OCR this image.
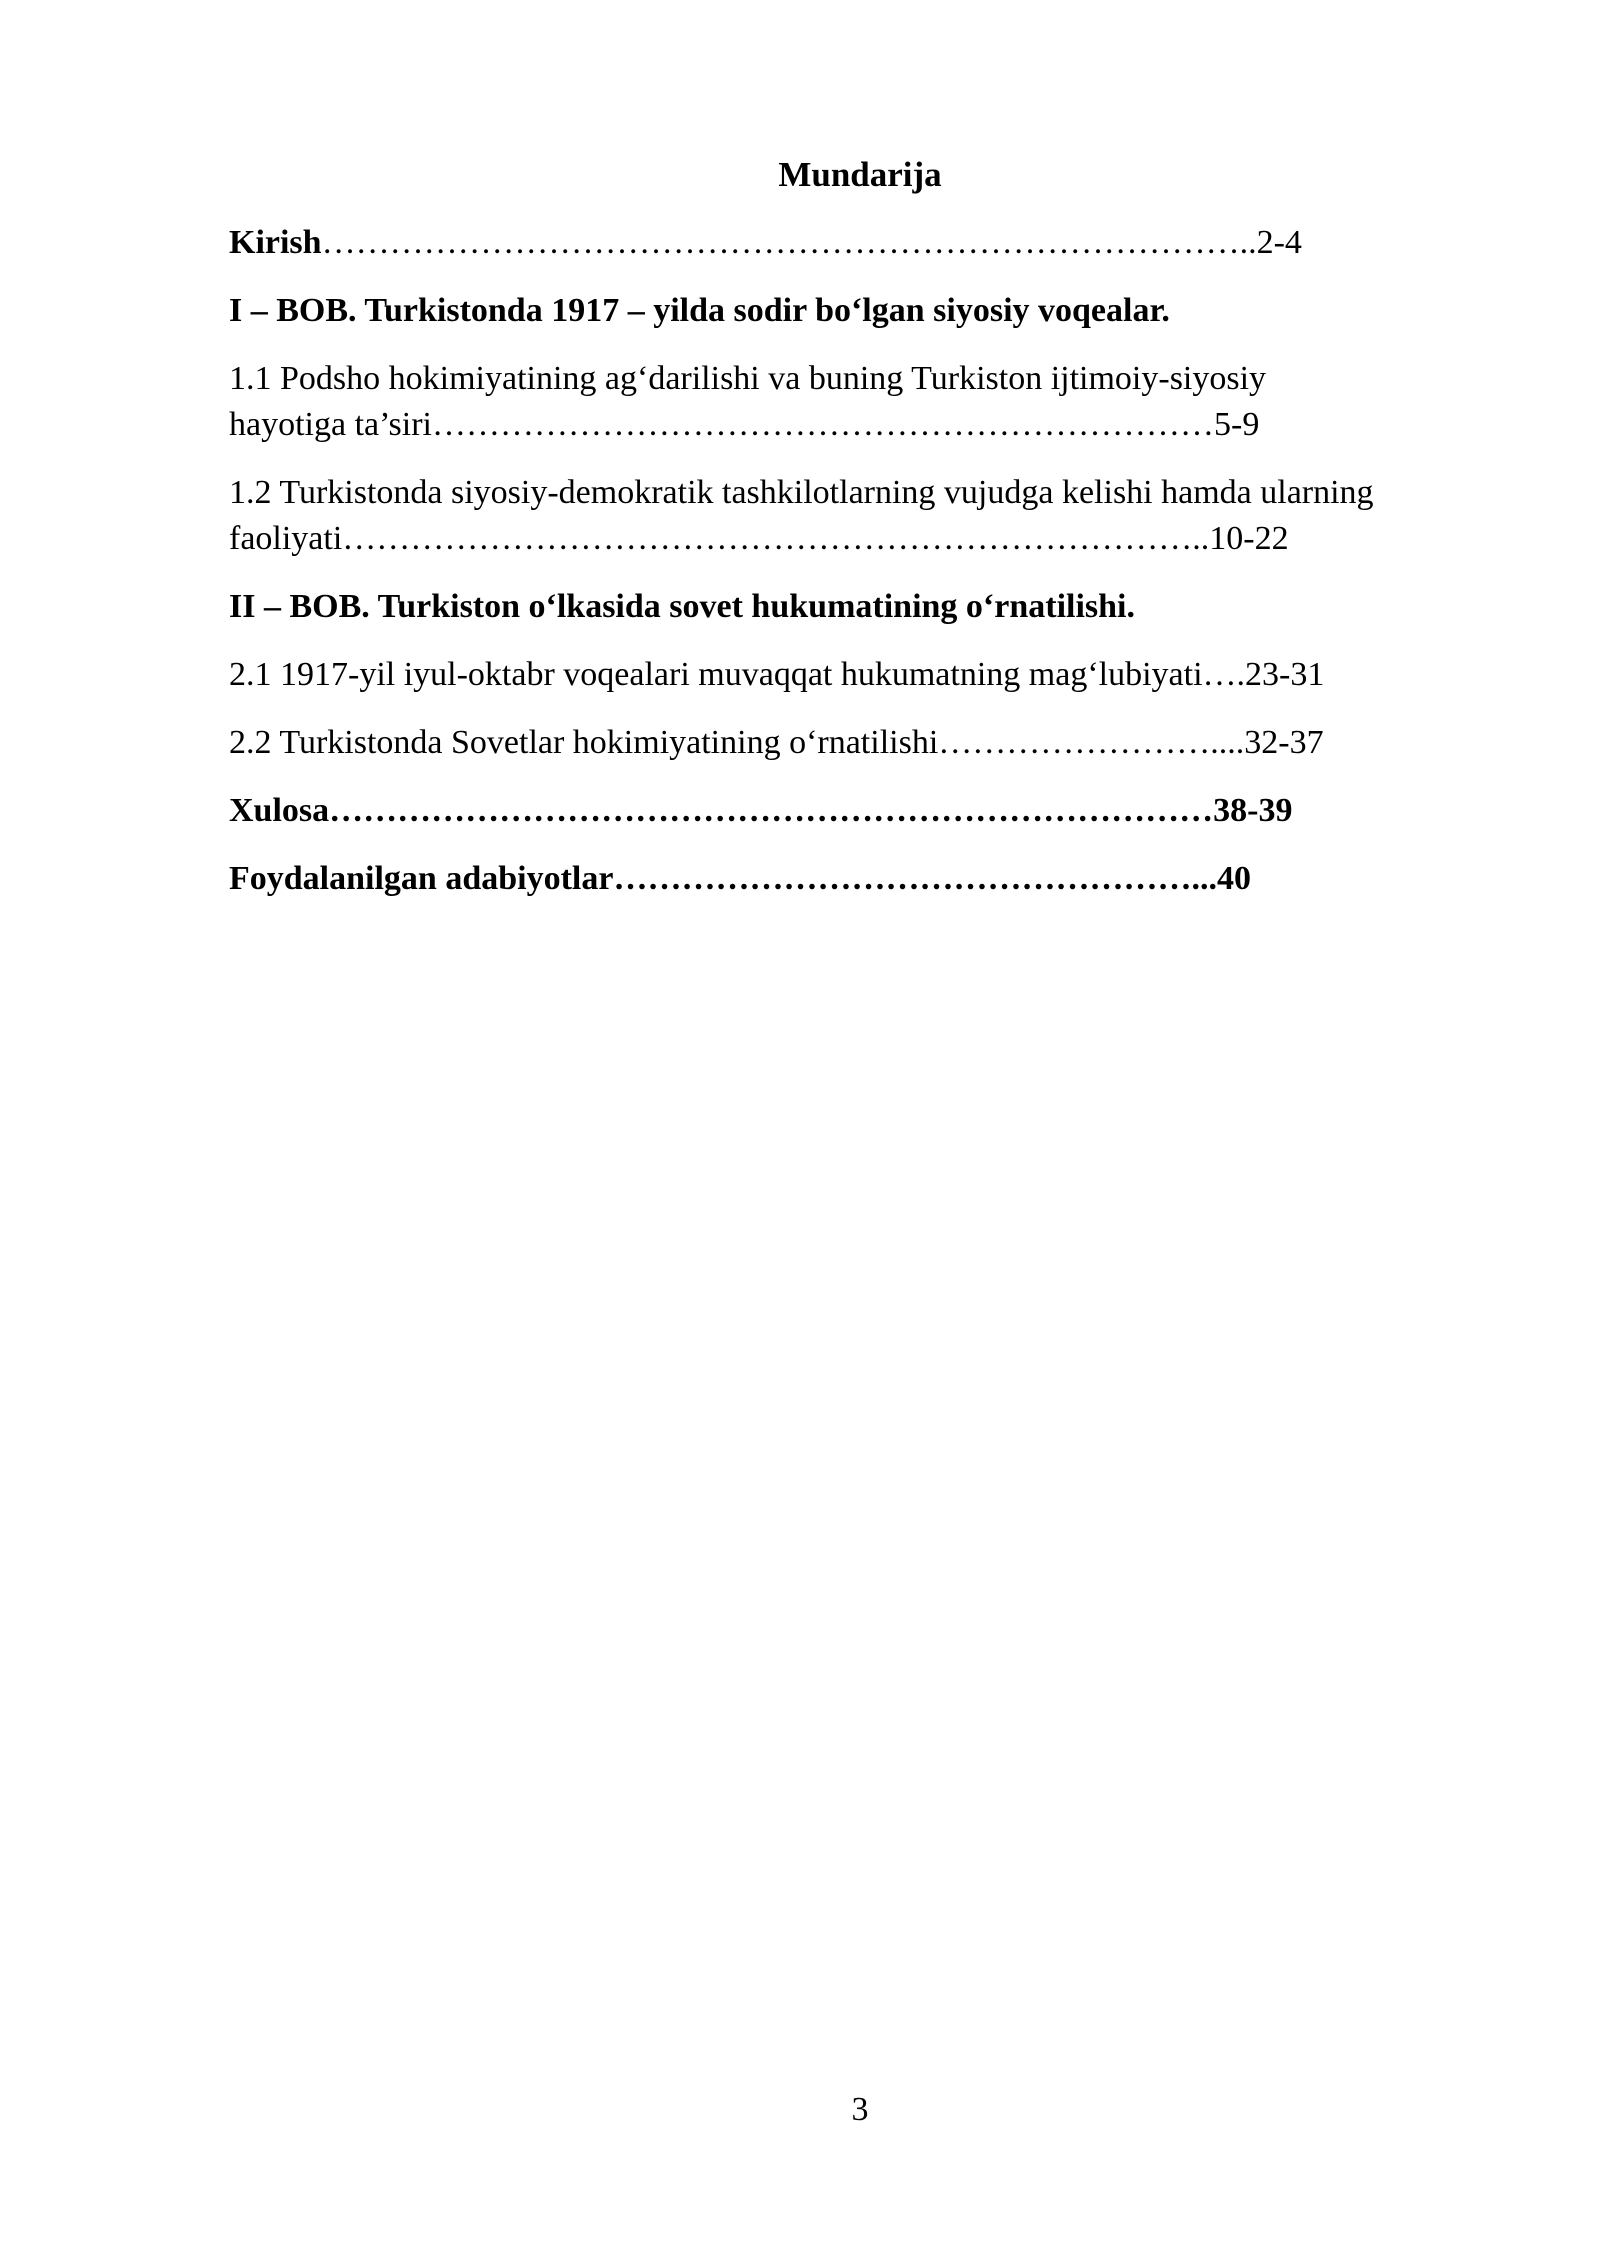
Mundarija
Kirish………………………………………………………………………..2-4
I – BOB. Turkistonda 1917 – yilda sodir bo‘lgan siyosiy voqealar.
1.1 Podsho hokimiyatining ag‘darilishi va buning Turkiston ijtimoiy-siyosiy
hayotiga ta’siri……………………………………………………………5-9
1.2 Turkistonda siyosiy-demokratik tashkilotlarning vujudga kelishi hamda ularning
faoliyati…………………………………………………………………..10-22
II – BOB. Turkiston o‘lkasida sovet hukumatining o‘rnatilishi.
2.1 1917-yil iyul-oktabr voqealari muvaqqat hukumatning mag‘lubiyati….23-31
2.2 Turkistonda Sovetlar hokimiyatining o‘rnatilishi……………………....32-37
Xulosa……………………………………………………………………38-39
Foydalanilgan adabiyotlar……………………………………………...40
3
